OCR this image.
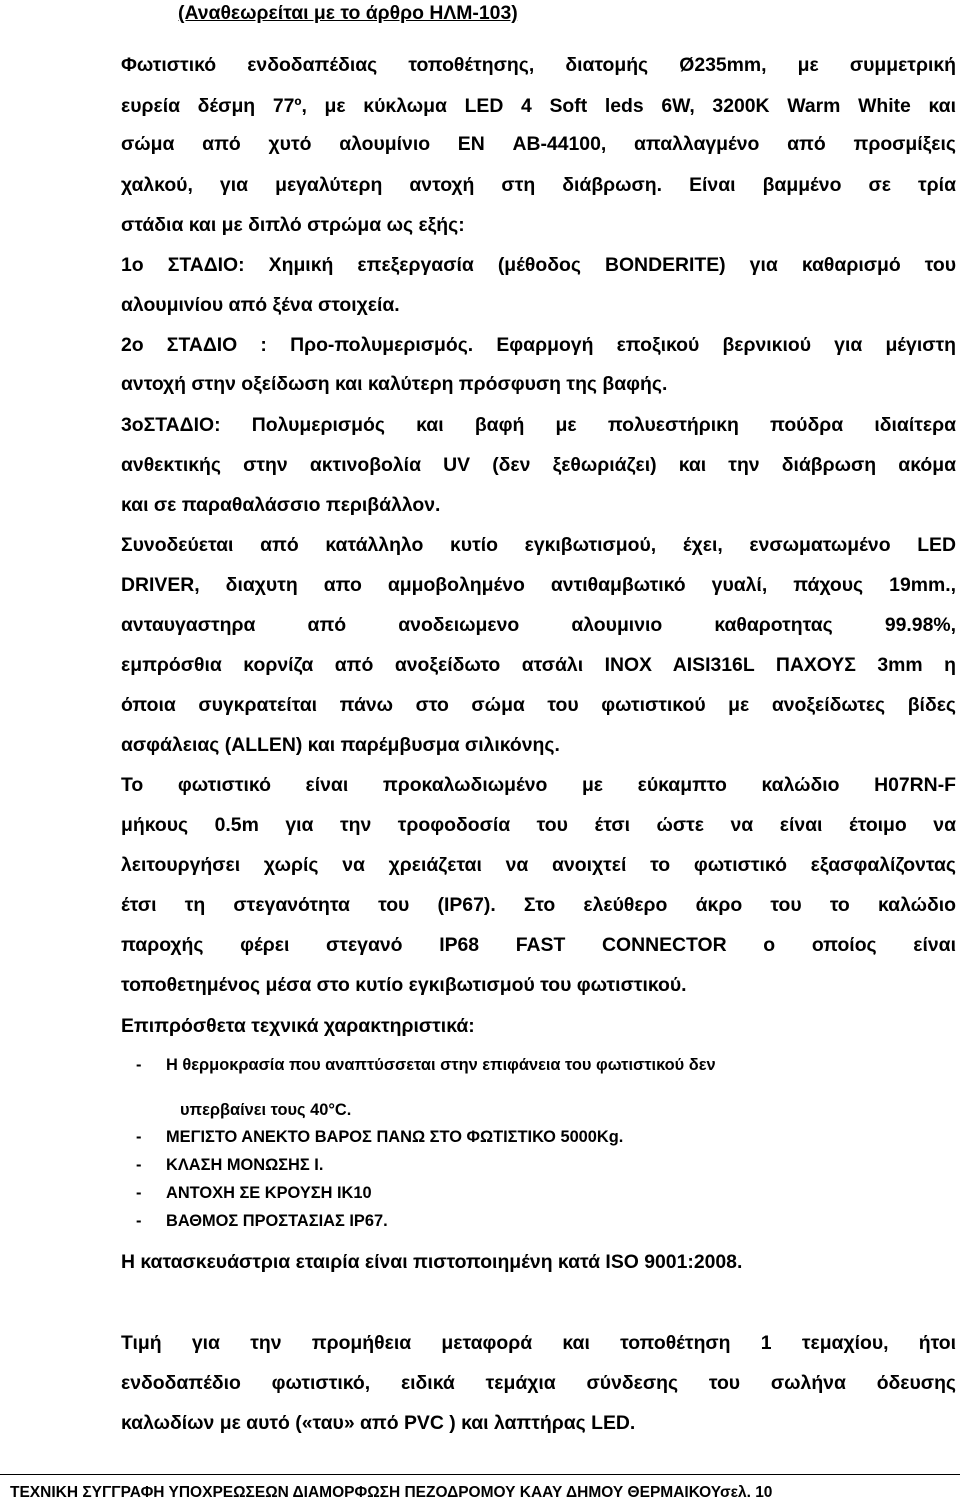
(Αναθεωρείται με το άρθρο ΗΛΜ-103)
Φωτιστικό ενδοδαπέδιας τοποθέτησης, διατομής Ø235mm, με συμμετρική
ευρεία δέσμη 77º, με κύκλωμα LED 4 Soft leds 6W, 3200K Warm White και
σώμα από χυτό αλουμίνιο ΕΝ AB-44100, απαλλαγμένο από προσμίξεις
χαλκού, για μεγαλύτερη αντοχή στη διάβρωση. Είναι βαμμένο σε τρία
στάδια και με διπλό στρώμα ως εξής:
1ο ΣΤΑΔΙΟ: Χημική επεξεργασία (μέθοδος BONDERITE) για καθαρισμό του
αλουμινίου από ξένα στοιχεία.
2ο ΣΤΑΔΙΟ : Προ-πολυμερισμός. Εφαρμογή εποξικού βερνικιού για μέγιστη
αντοχή στην οξείδωση και καλύτερη πρόσφυση της βαφής.
3οΣΤΑΔΙΟ: Πολυμερισμός και βαφή με πολυεστήρικη πούδρα ιδιαίτερα
ανθεκτικής στην ακτινοβολία UV (δεν ξεθωριάζει) και την διάβρωση ακόμα
και σε παραθαλάσσιο περιβάλλον.
Συνοδεύεται από κατάλληλο κυτίο εγκιβωτισμού, έχει, ενσωματωμένο LED
DRIVER, διαχυτη απο αμμοβολημένο αντιθαμβωτικό γυαλί, πάχους 19mm.,
ανταυγαστηρα από ανοδειωμενο αλουμινιο καθαροτητας 99.98%,
εμπρόσθια κορνίζα από ανοξείδωτο ατσάλι INOX AISI316L ΠΑΧΟΥΣ 3mm η
όποια συγκρατείται πάνω στο σώμα του φωτιστικού με ανοξείδωτες βίδες
ασφάλειας (ALLEN) και παρέμβυσμα σιλικόνης.
Το φωτιστικό είναι προκαλωδιωμένο με εύκαμπτο καλώδιο H07RN-F
μήκους 0.5m για την τροφοδοσία του έτσι ώστε να είναι έτοιμο να
λειτουργήσει χωρίς να χρειάζεται να ανοιχτεί το φωτιστικό εξασφαλίζοντας
έτσι τη στεγανότητα του (IP67). Στο ελεύθερο άκρο του το καλώδιο
παροχής φέρει στεγανό IP68 FAST CONNECTOR ο οποίος είναι
τοποθετημένος μέσα στο κυτίο εγκιβωτισμού του φωτιστικού.
Επιπρόσθετα τεχνικά χαρακτηριστικά:
- Η θερμοκρασία που αναπτύσσεται στην επιφάνεια του φωτιστικού δεν
υπερβαίνει τους 40°C.
- ΜΕΓΙΣΤΟ ΑΝΕΚΤΟ ΒΑΡΟΣ ΠΑΝΩ ΣΤΟ ΦΩΤΙΣΤΙΚΟ 5000Kg.
- ΚΛΑΣΗ ΜΟΝΩΣΗΣ Ι.
- ΑΝΤΟΧΗ ΣΕ ΚΡΟΥΣΗ ΙΚ10
- ΒΑΘΜΟΣ ΠΡΟΣΤΑΣΙΑΣ IP67.
Η κατασκευάστρια εταιρία είναι πιστοποιημένη κατά ISO 9001:2008.
Τιμή για την προμήθεια μεταφορά και τοποθέτηση 1 τεμαχίου, ήτοι
ενδοδαπέδιο φωτιστικό, ειδικά τεμάχια σύνδεσης του σωλήνα όδευσης
καλωδίων με αυτό («ταυ» από PVC ) και λαπτήρας LED.
ΤΕΧΝΙΚΗ ΣΥΓΓΡΑΦΗ ΥΠΟΧΡΕΩΣΕΩΝ ΔΙΑΜΟΡΦΩΣΗ ΠΕΖΟΔΡΟΜΟΥ ΚΑΑΥ ΔΗΜΟΥ ΘΕΡΜΑΙΚΟΥσελ. 10
